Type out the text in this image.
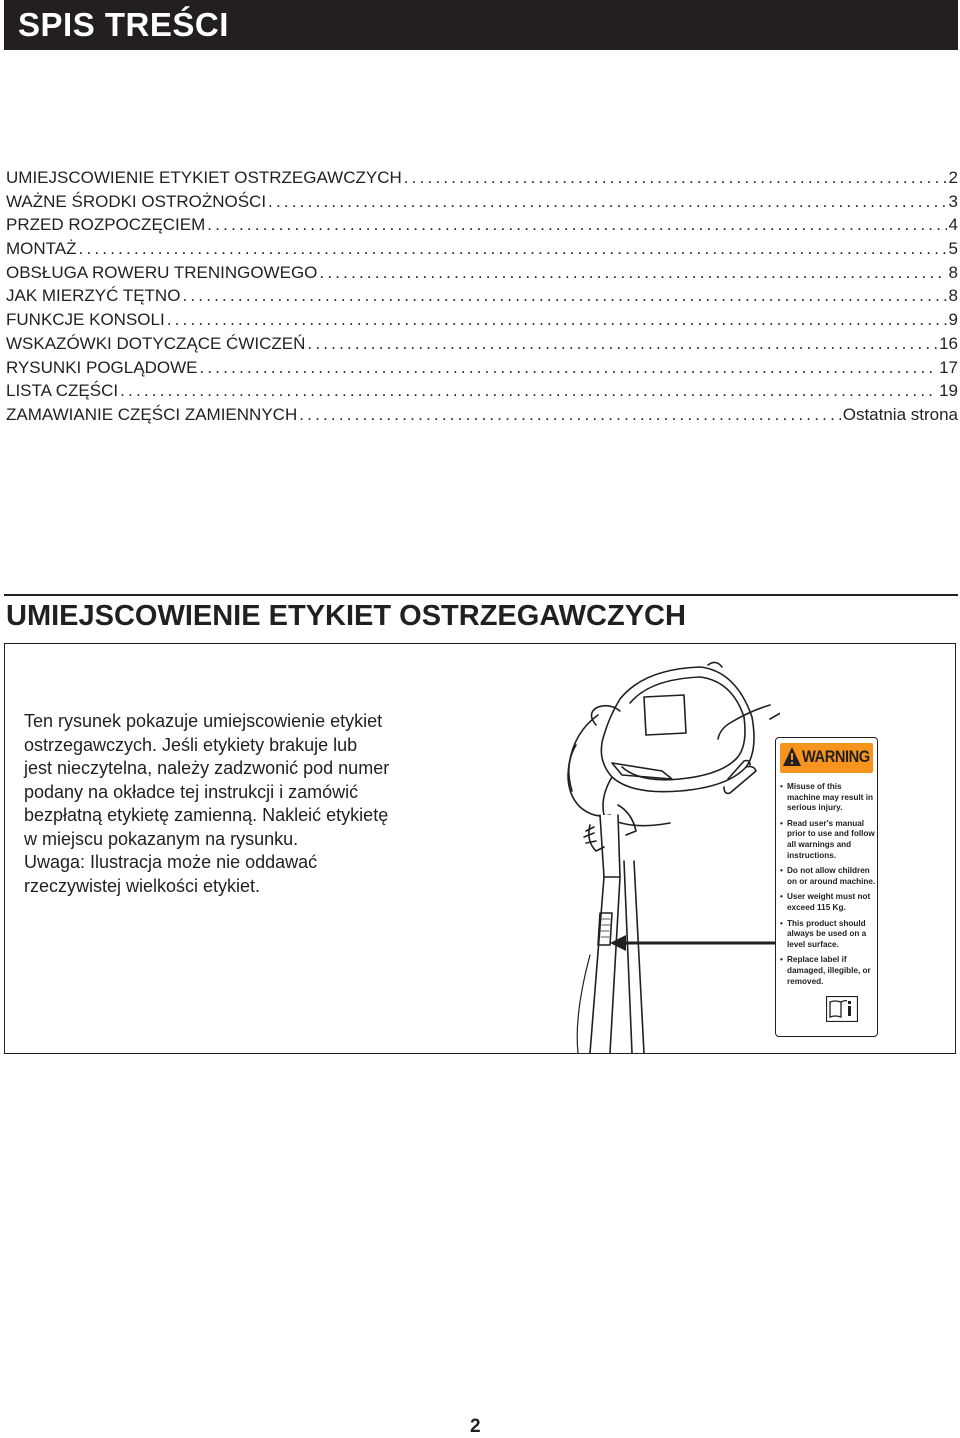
SPIS TREŚCI
UMIEJSCOWIENIE ETYKIET OSTRZEGAWCZYCH .....	2
WAŻNE ŚRODKI OSTROŻNOŚCI .....	3
PRZED ROZPOCZĘCIEM .....	4
MONTAŻ .....	5
OBSŁUGA ROWERU TRENINGOWEGO .....	8
JAK MIERZYĆ TĘTNO .....	8
FUNKCJE KONSOLI .....	9
WSKAZÓWKI DOTYCZĄCE ĆWICZEŃ .....	16
RYSUNKI POGLĄDOWE .....	17
LISTA CZĘŚCI .....	19
ZAMAWIANIE CZĘŚCI ZAMIENNYCH .....	Ostatnia strona
UMIEJSCOWIENIE ETYKIET OSTRZEGAWCZYCH
Ten rysunek pokazuje umiejscowienie etykiet
ostrzegawczych. Jeśli etykiety brakuje lub
jest nieczytelna, należy zadzwonić pod numer
podany na okładce tej instrukcji i zamówić
bezpłatną etykietę zamienną. Nakleić etykietę
w miejscu pokazanym na rysunku.
Uwaga: Ilustracja może nie oddawać
rzeczywistej wielkości etykiet.
WARNING
• Misuse of this machine may result in serious injury.
• Read user's manual prior to use and follow all warnings and instructions.
• Do not allow children on or around machine.
• User weight must not exceed 115 Kg.
• This product should always be used on a level surface.
• Replace label if damaged, illegible, or removed.
2
